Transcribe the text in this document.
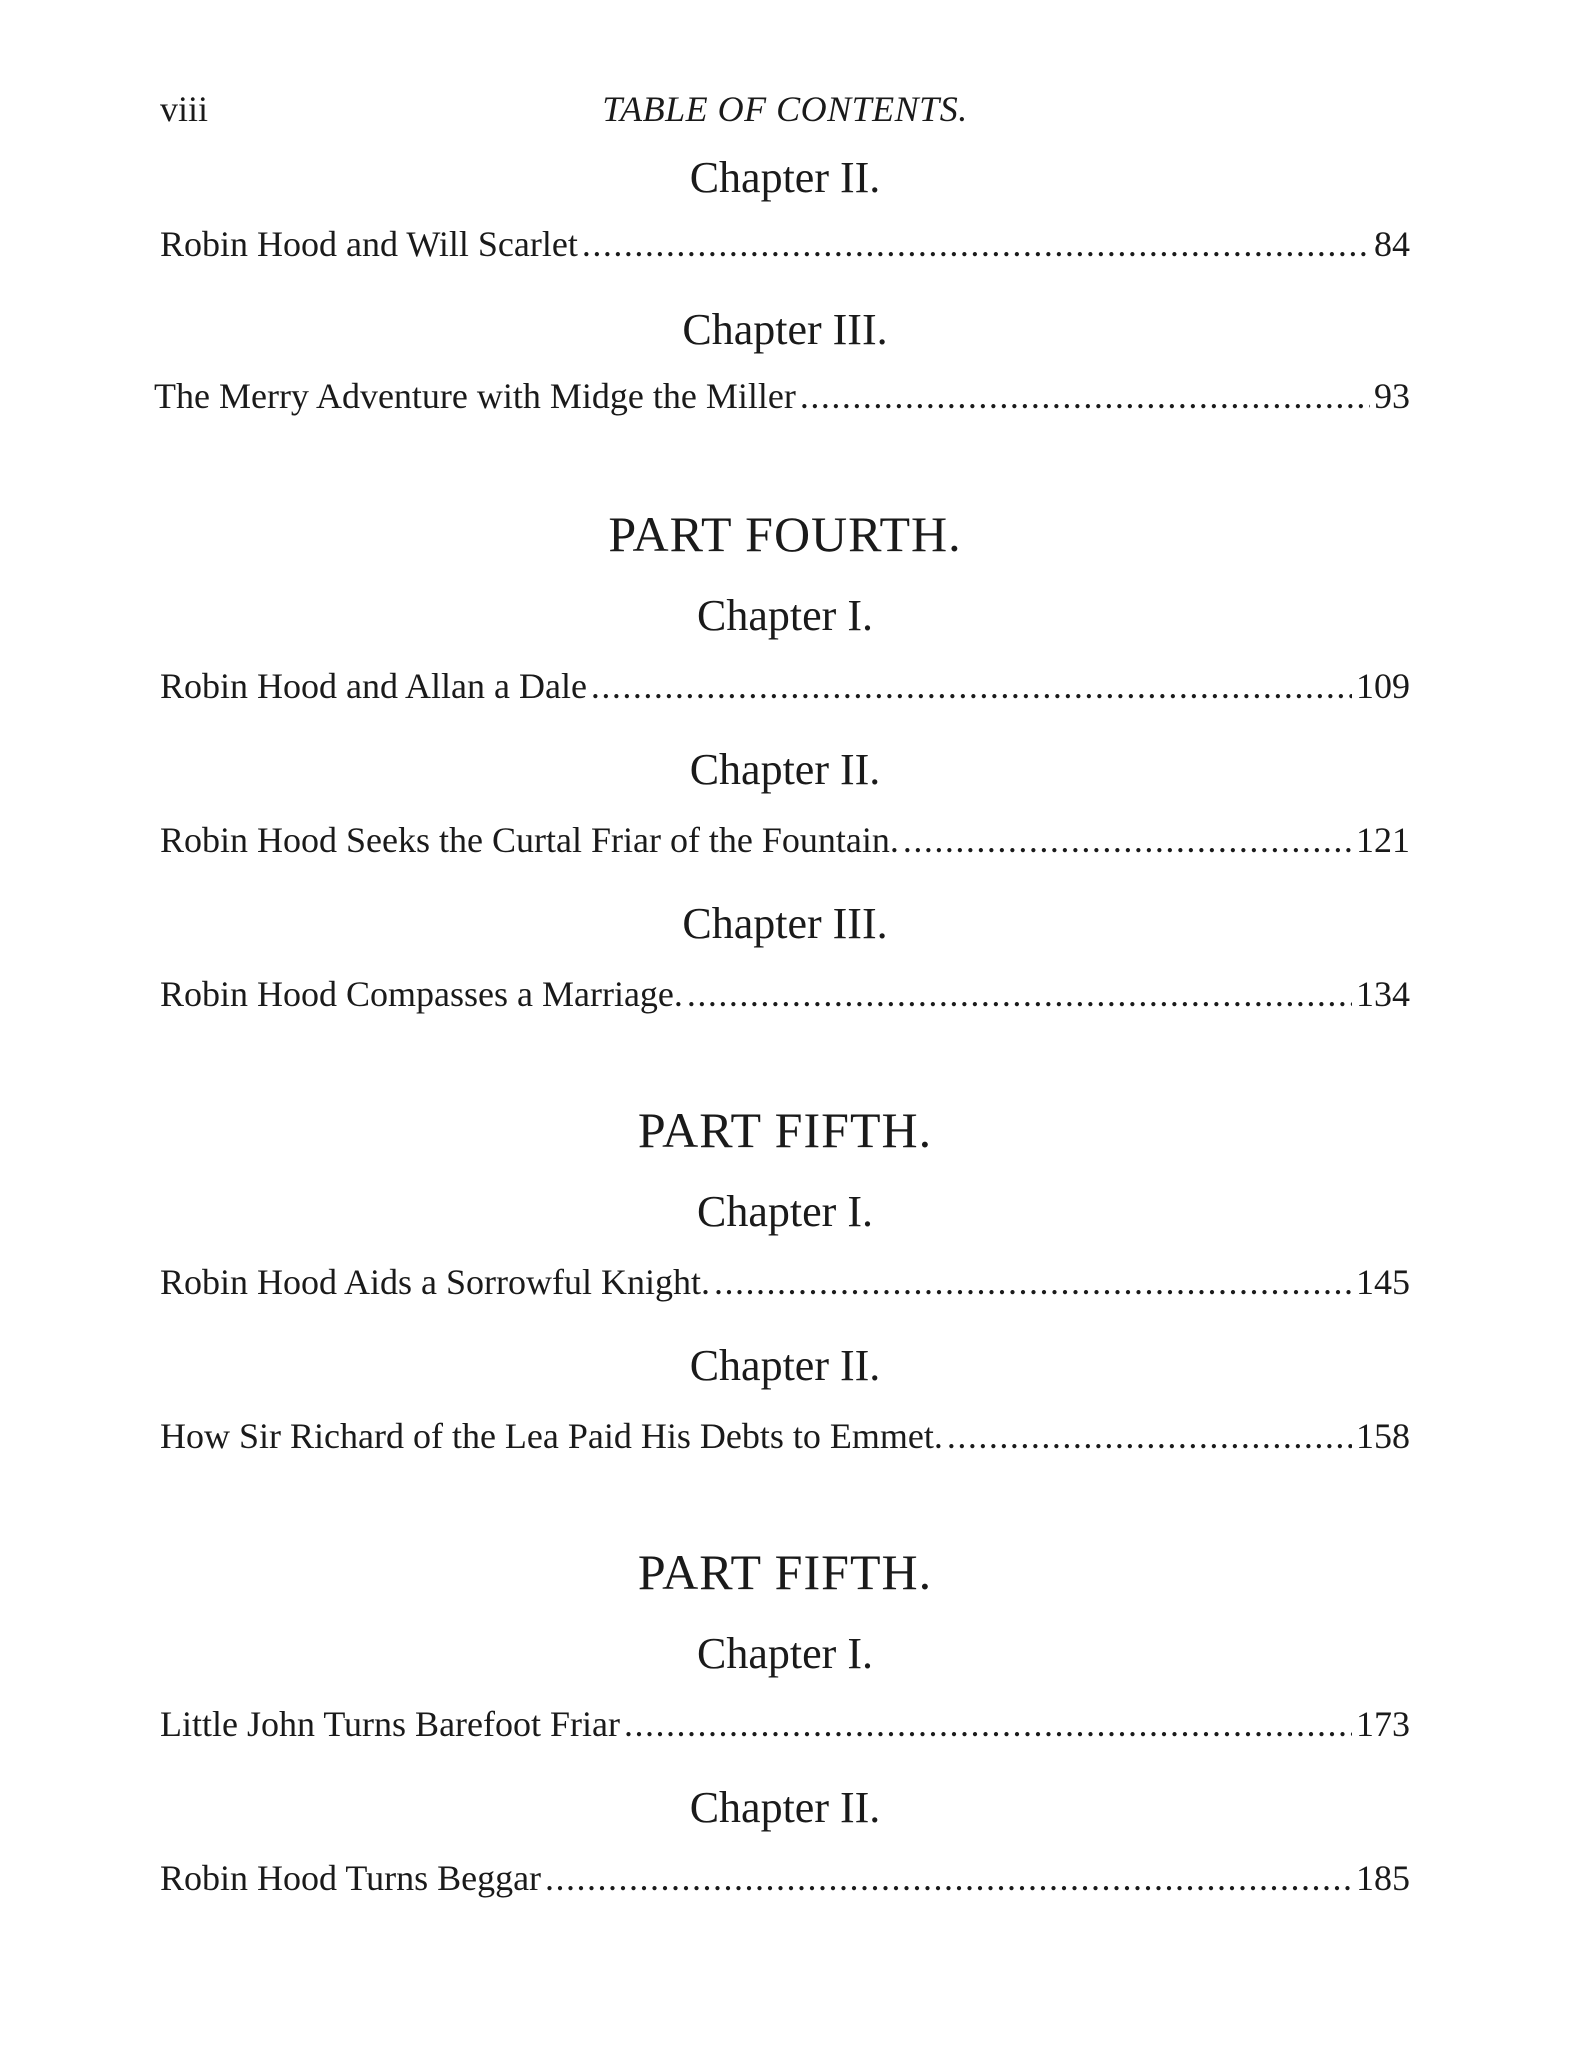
viii	TABLE OF CONTENTS.
Chapter II.
Robin Hood and Will Scarlet .....	84
Chapter III.
The Merry Adventure with Midge the Miller .....	93
PART FOURTH.
Chapter I.
Robin Hood and Allan a Dale .....	109
Chapter II.
Robin Hood Seeks the Curtal Friar of the Fountain. .....	121
Chapter III.
Robin Hood Compasses a Marriage. .....	134
PART FIFTH.
Chapter I.
Robin Hood Aids a Sorrowful Knight. .....	145
Chapter II.
How Sir Richard of the Lea Paid His Debts to Emmet. .....	158
PART FIFTH.
Chapter I.
Little John Turns Barefoot Friar .....	173
Chapter II.
Robin Hood Turns Beggar .....	185
